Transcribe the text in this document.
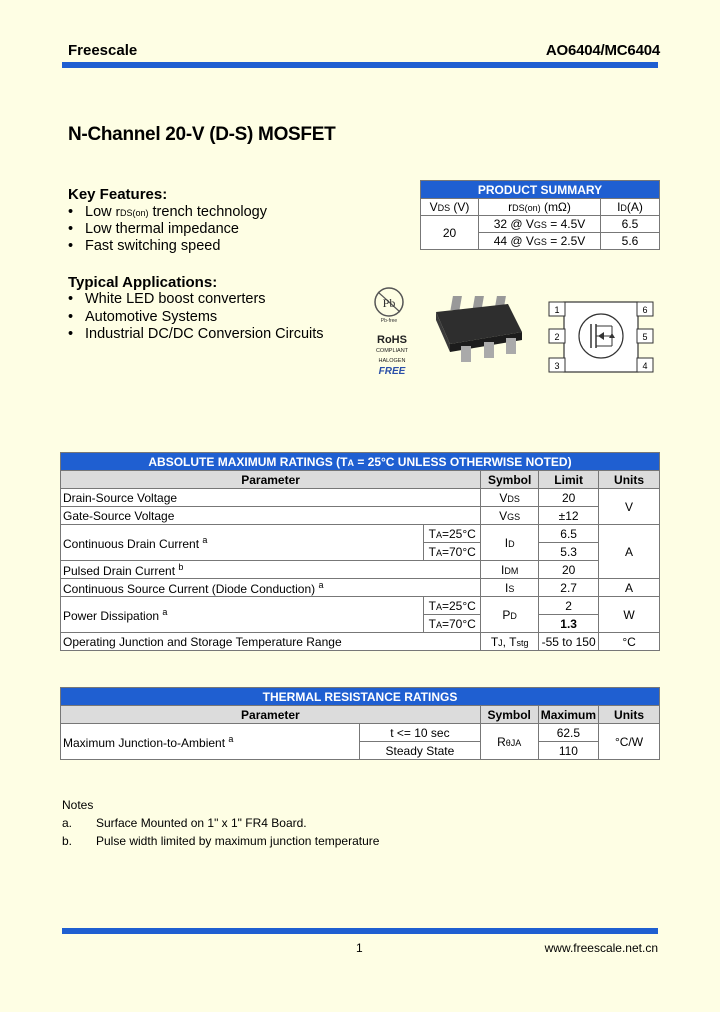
Freescale	AO6404/MC6404
N-Channel 20-V (D-S) MOSFET
Key Features:
• Low rDS(on) trench technology
• Low thermal impedance
• Fast switching speed
Typical Applications:
• White LED boost converters
• Automotive Systems
• Industrial DC/DC Conversion Circuits
PRODUCT SUMMARY		
VDS (V)	rDS(on) (mΩ)	ID(A)
20	32 @ VGS = 4.5V	6.5
	44 @ VGS = 2.5V	5.6
Pb
Pb-free
RoHS
COMPLIANT
HALOGEN
FREE
1
2
3
6
5
4
ABSOLUTE MAXIMUM RATINGS (TA = 25°C UNLESS OTHERWISE NOTED)				
Parameter		Symbol	Limit	Units
Drain-Source Voltage		VDS	20	V
Gate-Source Voltage		VGS	±12	
Continuous Drain Current $^a$	TA=25°C	ID	6.5	A
	TA=70°C		5.3	
Pulsed Drain Current $^b$		IDM	20	
Continuous Source Current (Diode Conduction) $^a$		IS	2.7	A
Power Dissipation $^a$	TA=25°C	PD	2	W
	TA=70°C		1.3	
Operating Junction and Storage Temperature Range		TJ, Tstg	-55 to 150	°C
THERMAL RESISTANCE RATINGS				
Parameter		Symbol	Maximum	Units
Maximum Junction-to-Ambient $^a$	t <= 10 sec	RθJA	62.5	°C/W
	Steady State		110	
Notes
a. Surface Mounted on 1" x 1" FR4 Board.
b. Pulse width limited by maximum junction temperature
1	www.freescale.net.cn
